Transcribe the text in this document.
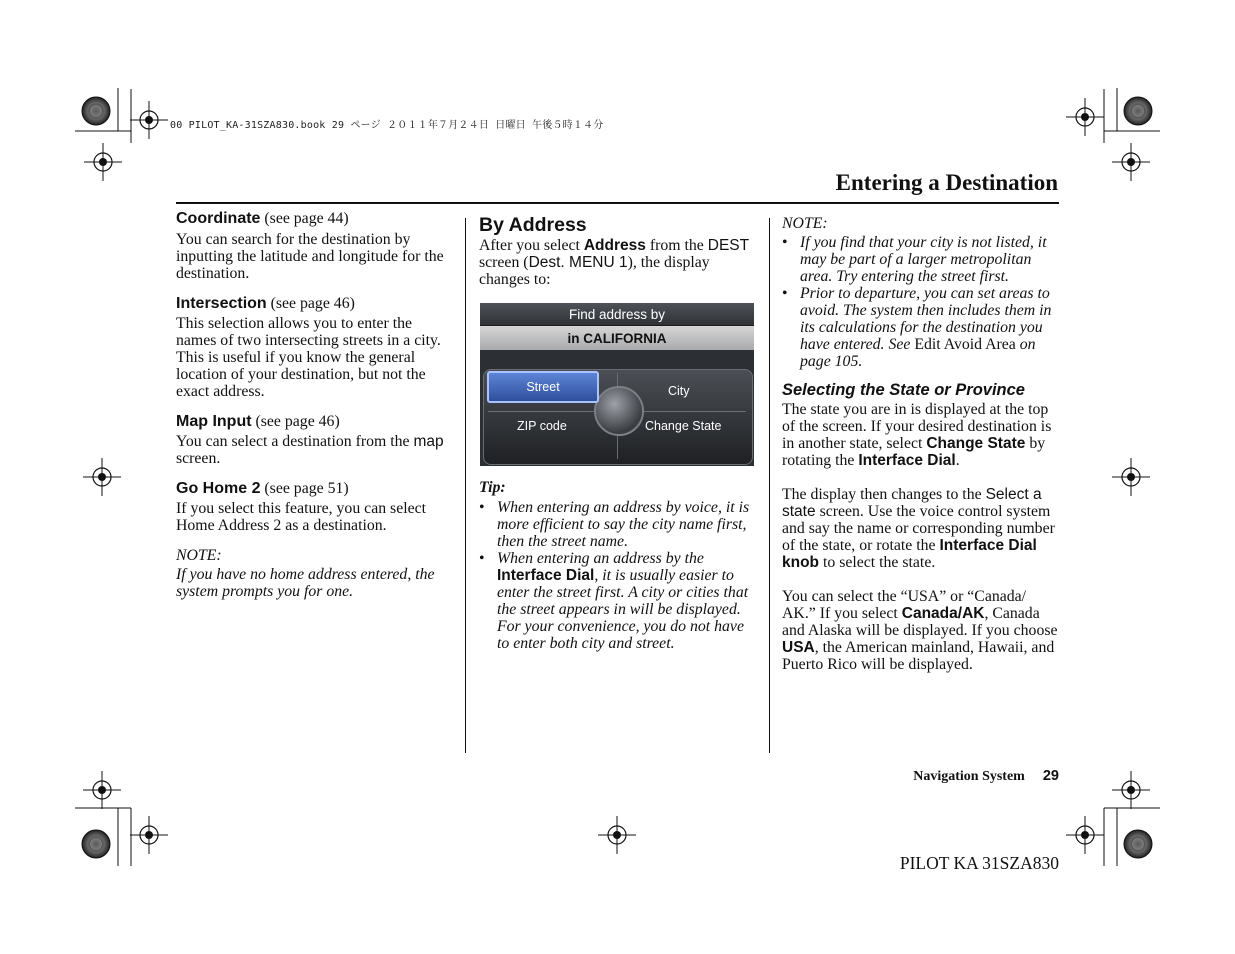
00 PILOT_KA-31SZA830.book 29 ページ ２０１１年７月２４日 日曜日 午後５時１４分
Entering a Destination
Coordinate (see page 44)

You can search for the destination by inputting the latitude and longitude for the destination.

Intersection (see page 46)

This selection allows you to enter the names of two intersecting streets in a city. This is useful if you know the general location of your destination, but not the exact address.

Map Input (see page 46)

You can select a destination from the map screen.

Go Home 2 (see page 51)

If you select this feature, you can select Home Address 2 as a destination.

NOTE:

If you have no home address entered, the system prompts you for one.

By Address

After you select Address from the DEST screen (Dest. MENU 1), the display changes to:

Find address by
in CALIFORNIA
Street	City
ZIP code	Change State

Tip:

• When entering an address by voice, it is more efficient to say the city name first, then the street name.
• When entering an address by the Interface Dial, it is usually easier to enter the street first. A city or cities that the street appears in will be displayed. For your convenience, you do not have to enter both city and street.

NOTE:

• If you find that your city is not listed, it may be part of a larger metropolitan area. Try entering the street first.
• Prior to departure, you can set areas to avoid. The system then includes them in its calculations for the destination you have entered. See Edit Avoid Area on page 105.

Selecting the State or Province

The state you are in is displayed at the top of the screen. If your desired destination is in another state, select Change State by rotating the Interface Dial.

The display then changes to the Select a state screen. Use the voice control system and say the name or corresponding number of the state, or rotate the Interface Dial knob to select the state.

You can select the “USA” or “Canada/ AK.” If you select Canada/AK, Canada and Alaska will be displayed. If you choose USA, the American mainland, Hawaii, and Puerto Rico will be displayed.

Navigation System 29
PILOT KA 31SZA830
